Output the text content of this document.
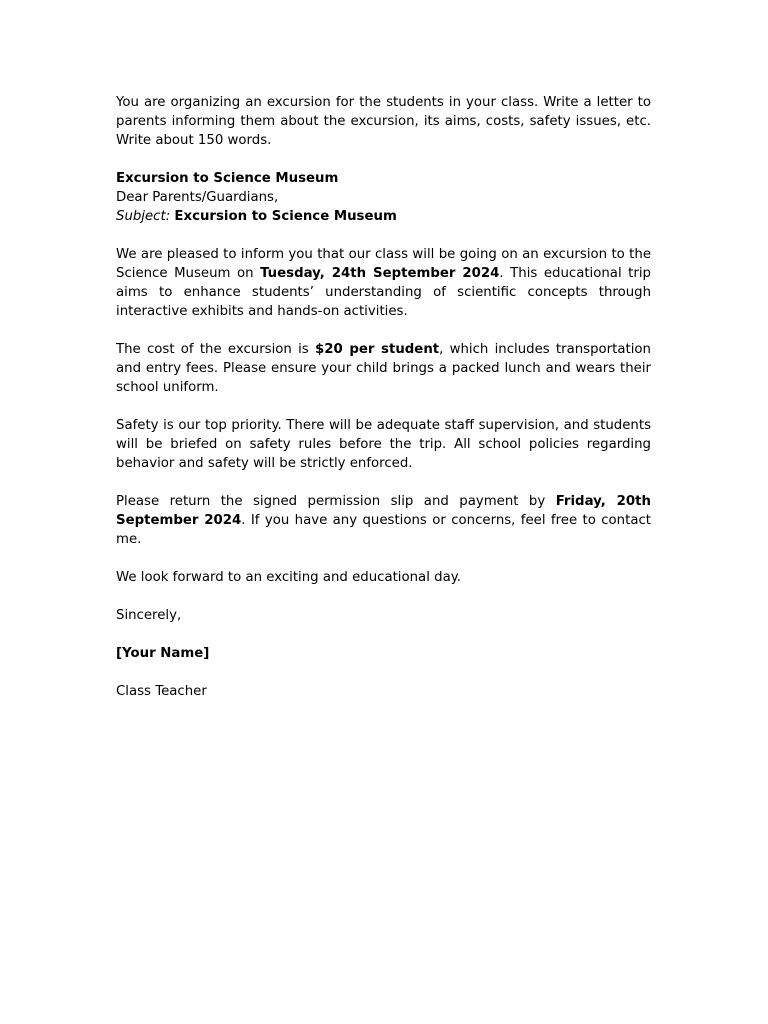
You are organizing an excursion for the students in your class. Write a letter to parents informing them about the excursion, its aims, costs, safety issues, etc. Write about 150 words.

Excursion to Science Museum

Dear Parents/Guardians,

Subject: Excursion to Science Museum

We are pleased to inform you that our class will be going on an excursion to the Science Museum on Tuesday, 24th September 2024. This educational trip aims to enhance students’ understanding of scientific concepts through interactive exhibits and hands-on activities.

The cost of the excursion is $20 per student, which includes transportation and entry fees. Please ensure your child brings a packed lunch and wears their school uniform.

Safety is our top priority. There will be adequate staff supervision, and students will be briefed on safety rules before the trip. All school policies regarding behavior and safety will be strictly enforced.

Please return the signed permission slip and payment by Friday, 20th September 2024. If you have any questions or concerns, feel free to contact me.

We look forward to an exciting and educational day.

Sincerely,

[Your Name]

Class Teacher
